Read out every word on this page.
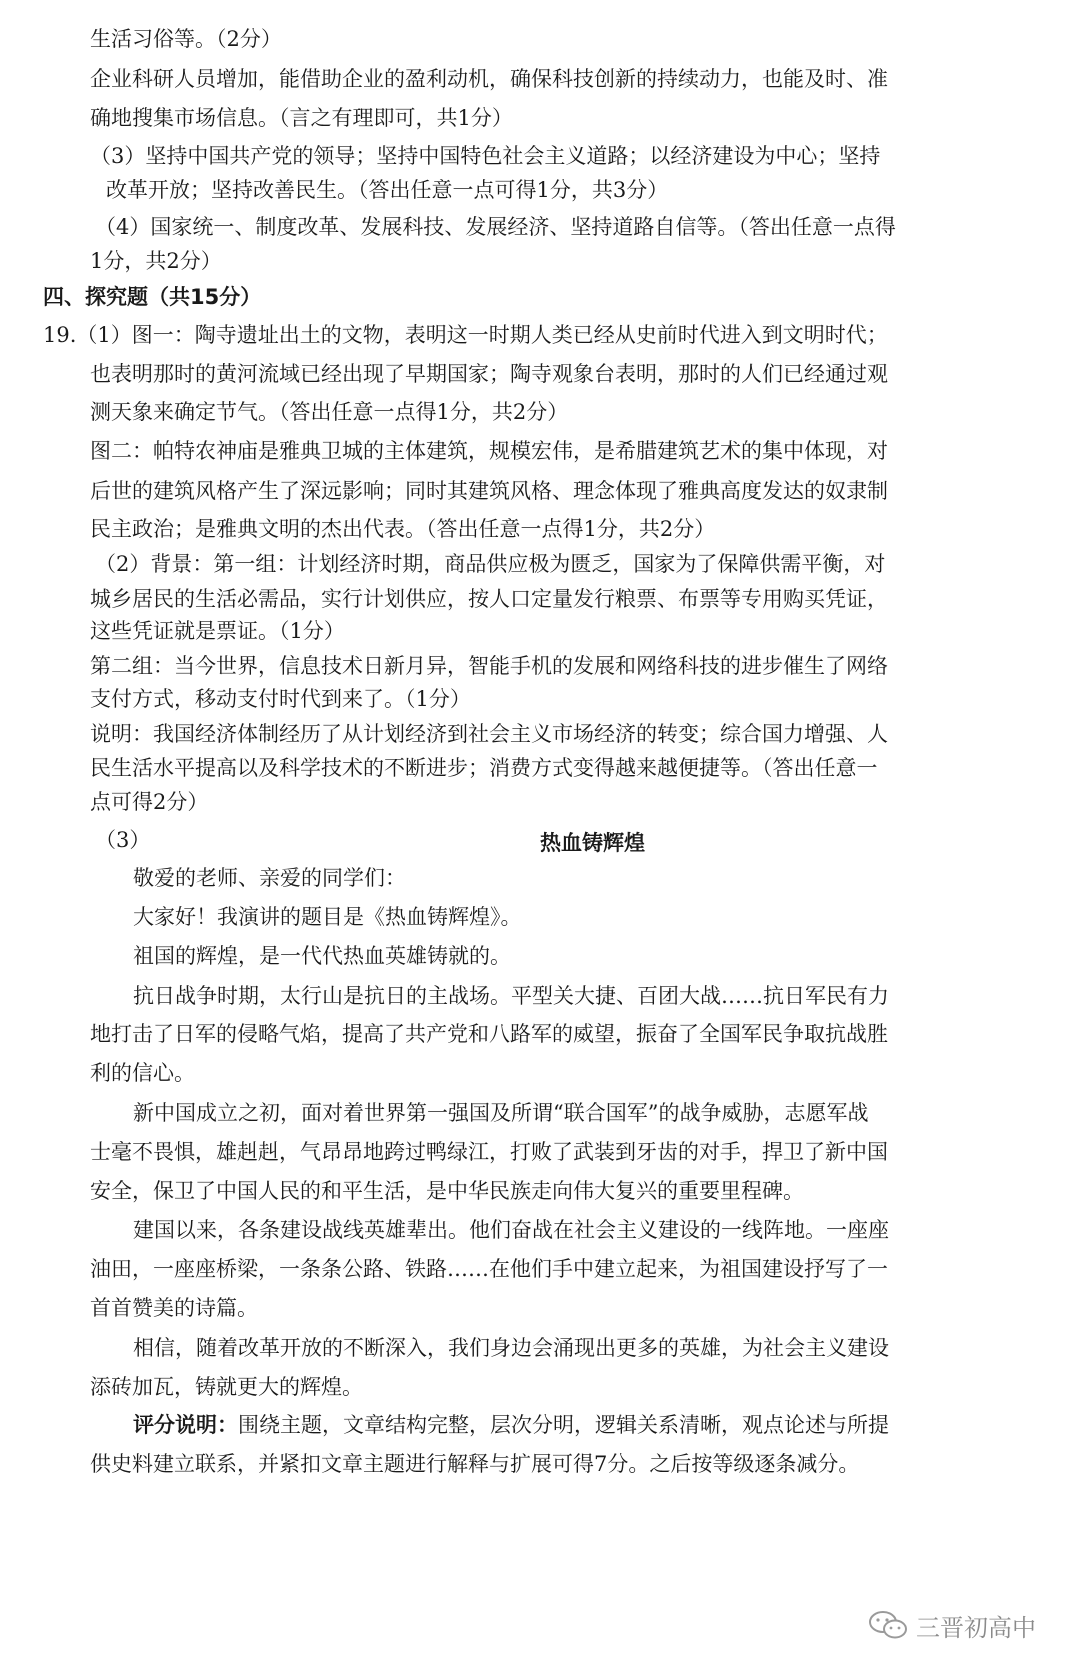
生活习俗等。（2分）

企业科研人员增加，能借助企业的盈利动机，确保科技创新的持续动力，也能及时、准

确地搜集市场信息。（言之有理即可，共1分）

（3）坚持中国共产党的领导；坚持中国特色社会主义道路；以经济建设为中心；坚持

改革开放；坚持改善民生。（答出任意一点可得1分，共3分）

（4）国家统一、制度改革、发展科技、发展经济、坚持道路自信等。（答出任意一点得

1分，共2分）

四、探究题（共15分）

19.（1）图一：陶寺遗址出土的文物，表明这一时期人类已经从史前时代进入到文明时代；

也表明那时的黄河流域已经出现了早期国家；陶寺观象台表明，那时的人们已经通过观

测天象来确定节气。（答出任意一点得1分，共2分）

图二：帕特农神庙是雅典卫城的主体建筑，规模宏伟，是希腊建筑艺术的集中体现，对

后世的建筑风格产生了深远影响；同时其建筑风格、理念体现了雅典高度发达的奴隶制

民主政治；是雅典文明的杰出代表。（答出任意一点得1分，共2分）

（2）背景：第一组：计划经济时期，商品供应极为匮乏，国家为了保障供需平衡，对

城乡居民的生活必需品，实行计划供应，按人口定量发行粮票、布票等专用购买凭证，

这些凭证就是票证。（1分）

第二组：当今世界，信息技术日新月异，智能手机的发展和网络科技的进步催生了网络

支付方式，移动支付时代到来了。（1分）

说明：我国经济体制经历了从计划经济到社会主义市场经济的转变；综合国力增强、人

民生活水平提高以及科学技术的不断进步；消费方式变得越来越便捷等。（答出任意一

点可得2分）

（3）	热血铸辉煌

敬爱的老师、亲爱的同学们：

大家好！我演讲的题目是《热血铸辉煌》。

祖国的辉煌，是一代代热血英雄铸就的。

抗日战争时期，太行山是抗日的主战场。平型关大捷、百团大战……抗日军民有力

地打击了日军的侵略气焰，提高了共产党和八路军的威望，振奋了全国军民争取抗战胜

利的信心。

新中国成立之初，面对着世界第一强国及所谓“联合国军”的战争威胁，志愿军战

士毫不畏惧，雄赳赳，气昂昂地跨过鸭绿江，打败了武装到牙齿的对手，捍卫了新中国

安全，保卫了中国人民的和平生活，是中华民族走向伟大复兴的重要里程碑。

建国以来，各条建设战线英雄辈出。他们奋战在社会主义建设的一线阵地。一座座

油田，一座座桥梁，一条条公路、铁路……在他们手中建立起来，为祖国建设抒写了一

首首赞美的诗篇。

相信，随着改革开放的不断深入，我们身边会涌现出更多的英雄，为社会主义建设

添砖加瓦，铸就更大的辉煌。

评分说明：围绕主题，文章结构完整，层次分明，逻辑关系清晰，观点论述与所提

供史料建立联系，并紧扣文章主题进行解释与扩展可得7分。之后按等级逐条减分。

三晋初高中
